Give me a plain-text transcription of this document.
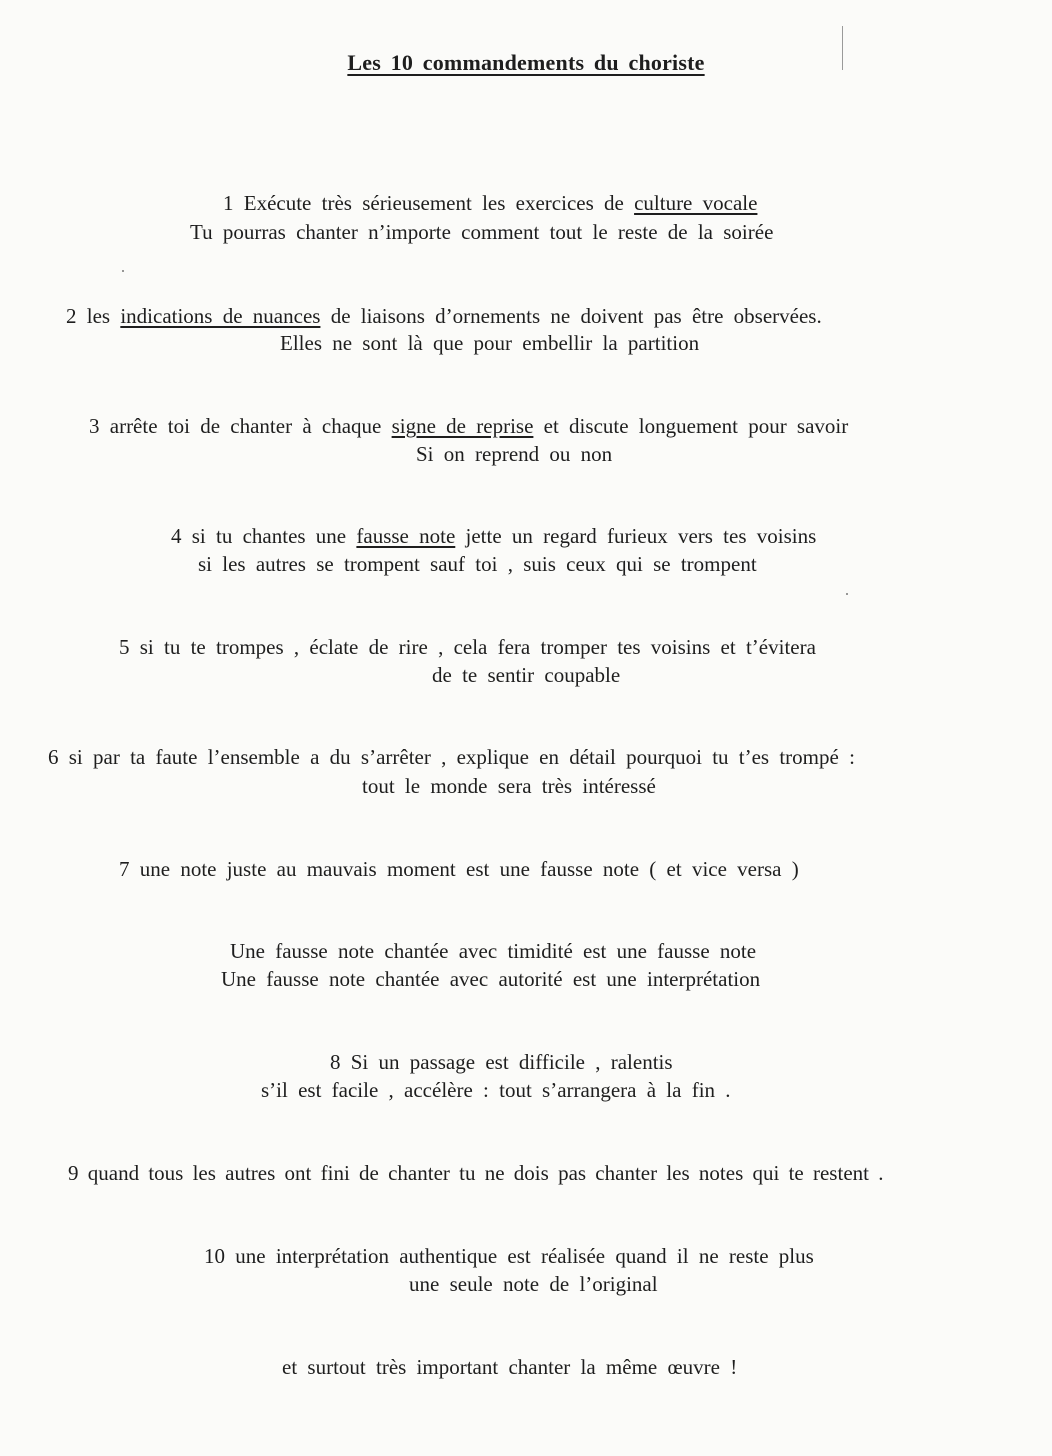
Les 10 commandements du choriste
1 Exécute très sérieusement les exercices de culture vocale
Tu pourras chanter n’importe comment tout le reste de la soirée
2 les indications de nuances de liaisons d’ornements ne doivent pas être observées.
Elles ne sont là que pour embellir la partition
3 arrête toi de chanter à chaque signe de reprise et discute longuement pour savoir
Si on reprend ou non
4 si tu chantes une fausse note jette un regard furieux vers tes voisins
si les autres se trompent sauf toi , suis ceux qui se trompent
5 si tu te trompes , éclate de rire , cela fera tromper tes voisins et t’évitera
de te sentir coupable
6 si par ta faute l’ensemble a du s’arrêter , explique en détail pourquoi tu t’es trompé :
tout le monde sera très intéressé
7 une note juste au mauvais moment est une fausse note ( et vice versa )
Une fausse note chantée avec timidité est une fausse note
Une fausse note chantée avec autorité est une interprétation
8 Si un passage est difficile , ralentis
s’il est facile , accélère : tout s’arrangera à la fin .
9 quand tous les autres ont fini de chanter tu ne dois pas chanter les notes qui te restent .
10 une interprétation authentique est réalisée quand il ne reste plus
une seule note de l’original
et surtout très important chanter la même œuvre !
